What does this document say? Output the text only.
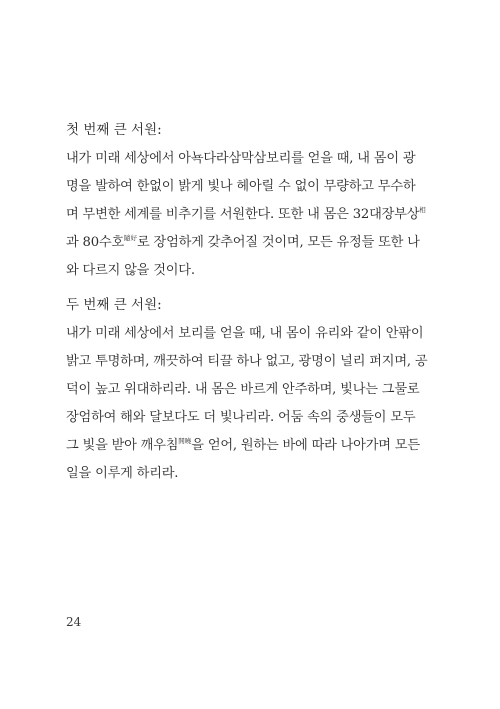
첫 번째 큰 서원:
내가 미래 세상에서 아뇩다라삼막삼보리를 얻을 때, 내 몸이 광
명을 발하여 한없이 밝게 빛나 헤아릴 수 없이 무량하고 무수하
며 무변한 세계를 비추기를 서원한다. 또한 내 몸은 32대장부상$^相$
과 80수호$^{隨好}$로 장엄하게 갖추어질 것이며, 모든 유정들 또한 나
와 다르지 않을 것이다.
두 번째 큰 서원:
내가 미래 세상에서 보리를 얻을 때, 내 몸이 유리와 같이 안팎이
밝고 투명하며, 깨끗하여 티끌 하나 없고, 광명이 널리 퍼지며, 공
덕이 높고 위대하리라. 내 몸은 바르게 안주하며, 빛나는 그물로
장엄하여 해와 달보다도 더 빛나리라. 어둠 속의 중생들이 모두
그 빛을 받아 깨우침$^{開曉}$을 얻어, 원하는 바에 따라 나아가며 모든
일을 이루게 하리라.
24
